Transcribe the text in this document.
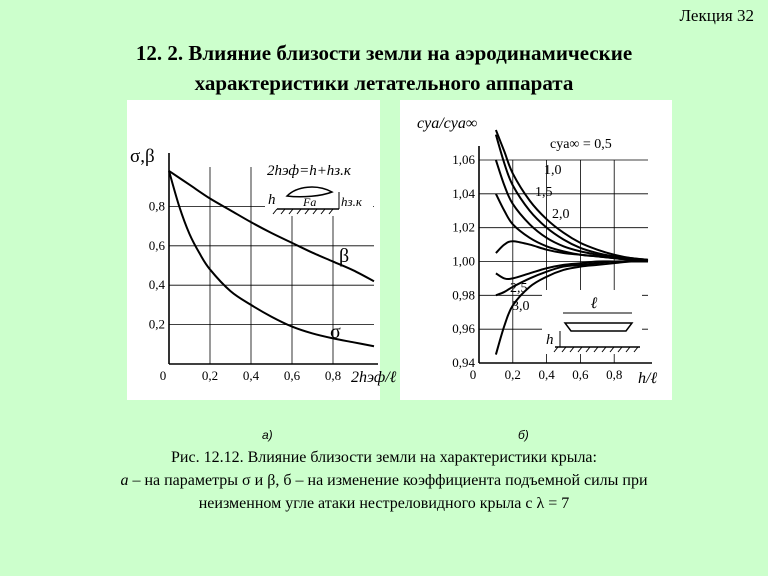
Лекция 32
12. 2. Влияние близости земли на аэродинамические
характеристики летательного аппарата
0	0,2 0,4 0,6 0,8
0,2
0,4
0,6
0,8
β
σ
σ,β
2hэф/ℓ
2hэф=h+hз.к
h Fa hз.к
0 0,2 0,4 0,6 0,8
0,94
0,96
0,98
1,00
1,02
1,04
1,06
cya∞ = 0,5
1,0
1,5
2,0
2,5
3,0
cya/cya∞
h/ℓ
ℓ
h
а)	б)
Рис. 12.12. Влияние близости земли на характеристики крыла:
а – на параметры σ и β, б – на изменение коэффициента подъемной силы при
неизменном угле атаки нестреловидного крыла с λ = 7
